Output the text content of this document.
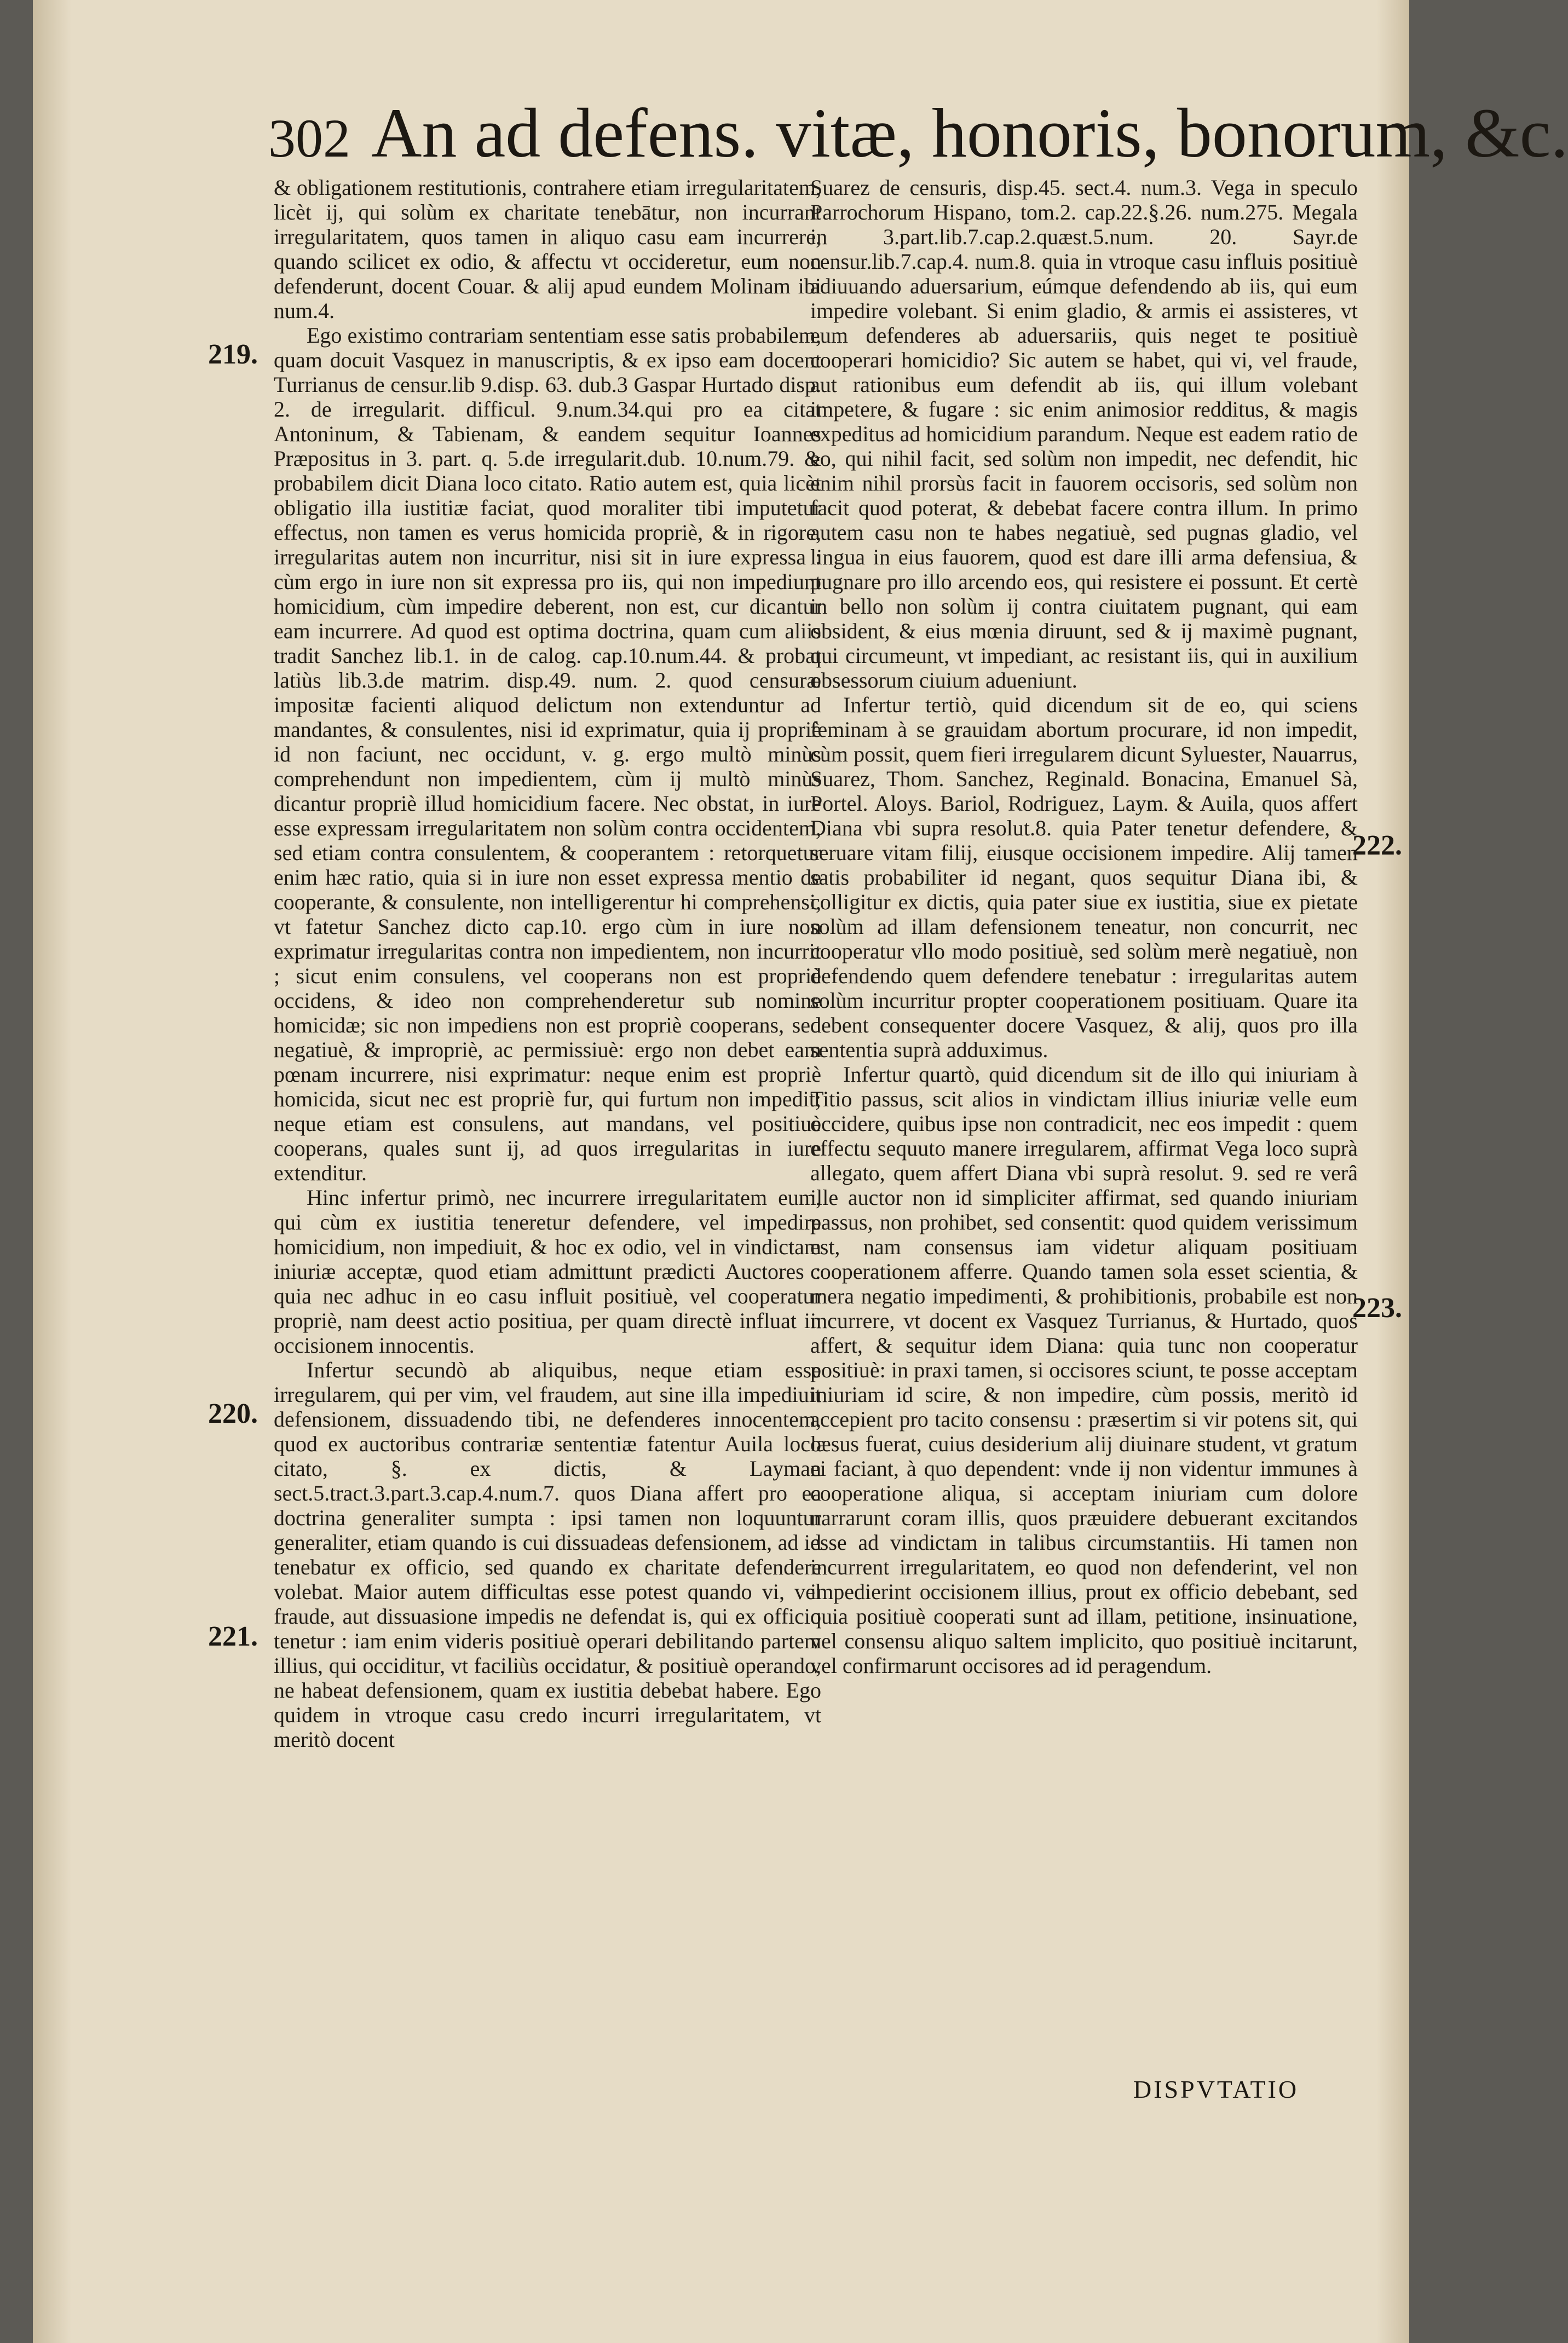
302 An ad defens. vitæ, honoris, bonorum, &c.
219.
220.
221.
222.
223.

& obligationem restitutionis, contrahere etiam irregularitatem, licèt ij, qui solùm ex charitate tenebātur, non incurrant irregularitatem, quos tamen in aliquo casu eam incurrere, quando scilicet ex odio, & affectu vt occideretur, eum non defenderunt, docent Couar. & alij apud eundem Molinam ibi num.4.

Ego existimo contrariam sententiam esse satis probabilem, quam docuit Vasquez in manuscriptis, & ex ipso eam docent Turrianus de censur.lib 9.disp. 63. dub.3 Gaspar Hurtado disp. 2. de irregularit. difficul. 9.num.34.qui pro ea citat Antoninum, & Tabienam, & eandem sequitur Ioannes Præpositus in 3. part. q. 5.de irregularit.dub. 10.num.79. & probabilem dicit Diana loco citato. Ratio autem est, quia licèt obligatio illa iustitiæ faciat, quod moraliter tibi imputetur effectus, non tamen es verus homicida propriè, & in rigore, irregularitas autem non incurritur, nisi sit in iure expressa : cùm ergo in iure non sit expressa pro iis, qui non impediunt homicidium, cùm impedire deberent, non est, cur dicantur eam incurrere. Ad quod est optima doctrina, quam cum aliis tradit Sanchez lib.1. in de calog. cap.10.num.44. & probat latiùs lib.3.de matrim. disp.49. num. 2. quod censuræ impositæ facienti aliquod delictum non extenduntur ad mandantes, & consulentes, nisi id exprimatur, quia ij propriè id non faciunt, nec occidunt, v. g. ergo multò minùs comprehendunt non impedientem, cùm ij multò minùs dicantur propriè illud homicidium facere. Nec obstat, in iure esse expressam irregularitatem non solùm contra occidentem, sed etiam contra consulentem, & cooperantem : retorquetur enim hæc ratio, quia si in iure non esset expressa mentio de cooperante, & consulente, non intelligerentur hi comprehensi, vt fatetur Sanchez dicto cap.10. ergo cùm in iure non exprimatur irregularitas contra non impedientem, non incurrit ; sicut enim consulens, vel cooperans non est propriè occidens, & ideo non comprehenderetur sub nomine homicidæ; sic non impediens non est propriè cooperans, sed negatiuè, & impropriè, ac permissiuè: ergo non debet eam pœnam incurrere, nisi exprimatur: neque enim est propriè homicida, sicut nec est propriè fur, qui furtum non impedit; neque etiam est consulens, aut mandans, vel positiuè cooperans, quales sunt ij, ad quos irregularitas in iure extenditur.

Hinc infertur primò, nec incurrere irregularitatem eum, qui cùm ex iustitia teneretur defendere, vel impedire homicidium, non impediuit, & hoc ex odio, vel in vindictam iniuriæ acceptæ, quod etiam admittunt prædicti Auctores : quia nec adhuc in eo casu influit positiuè, vel cooperatur propriè, nam deest actio positiua, per quam directè influat in occisionem innocentis.

Infertur secundò ab aliquibus, neque etiam esse irregularem, qui per vim, vel fraudem, aut sine illa impediuit defensionem, dissuadendo tibi, ne defenderes innocentem, quod ex auctoribus contrariæ sententiæ fatentur Auila loco citato, §. ex dictis, & Layman sect.5.tract.3.part.3.cap.4.num.7. quos Diana affert pro ea doctrina generaliter sumpta : ipsi tamen non loquuntur generaliter, etiam quando is cui dissuadeas defensionem, ad id tenebatur ex officio, sed quando ex charitate defendere volebat. Maior autem difficultas esse potest quando vi, vel fraude, aut dissuasione impedis ne defendat is, qui ex officio tenetur : iam enim videris positiuè operari debilitando partem illius, qui occiditur, vt faciliùs occidatur, & positiuè operando, ne habeat defensionem, quam ex iustitia debebat habere. Ego quidem in vtroque casu credo incurri irregularitatem, vt meritò docent

Suarez de censuris, disp.45. sect.4. num.3. Vega in speculo Parrochorum Hispano, tom.2. cap.22.§.26. num.275. Megala in 3.part.lib.7.cap.2.quæst.5.num. 20. Sayr.de censur.lib.7.cap.4. num.8. quia in vtroque casu influis positiuè adiuuando aduersarium, eúmque defendendo ab iis, qui eum impedire volebant. Si enim gladio, & armis ei assisteres, vt eum defenderes ab aduersariis, quis neget te positiuè cooperari homicidio? Sic autem se habet, qui vi, vel fraude, aut rationibus eum defendit ab iis, qui illum volebant impetere, & fugare : sic enim animosior redditus, & magis expeditus ad homicidium parandum. Neque est eadem ratio de eo, qui nihil facit, sed solùm non impedit, nec defendit, hic enim nihil prorsùs facit in fauorem occisoris, sed solùm non facit quod poterat, & debebat facere contra illum. In primo autem casu non te habes negatiuè, sed pugnas gladio, vel lingua in eius fauorem, quod est dare illi arma defensiua, & pugnare pro illo arcendo eos, qui resistere ei possunt. Et certè in bello non solùm ij contra ciuitatem pugnant, qui eam obsident, & eius mœnia diruunt, sed & ij maximè pugnant, qui circumeunt, vt impediant, ac resistant iis, qui in auxilium obsessorum ciuium adueniunt.

Infertur tertiò, quid dicendum sit de eo, qui sciens feminam à se grauidam abortum procurare, id non impedit, cùm possit, quem fieri irregularem dicunt Syluester, Nauarrus, Suarez, Thom. Sanchez, Reginald. Bonacina, Emanuel Sà, Portel. Aloys. Bariol, Rodriguez, Laym. & Auila, quos affert Diana vbi supra resolut.8. quia Pater tenetur defendere, & seruare vitam filij, eiusque occisionem impedire. Alij tamen satis probabiliter id negant, quos sequitur Diana ibi, & colligitur ex dictis, quia pater siue ex iustitia, siue ex pietate solùm ad illam defensionem teneatur, non concurrit, nec cooperatur vllo modo positiuè, sed solùm merè negatiuè, non defendendo quem defendere tenebatur : irregularitas autem solùm incurritur propter cooperationem positiuam. Quare ita debent consequenter docere Vasquez, & alij, quos pro illa sententia suprà adduximus.

Infertur quartò, quid dicendum sit de illo qui iniuriam à Titio passus, scit alios in vindictam illius iniuriæ velle eum occidere, quibus ipse non contradicit, nec eos impedit : quem effectu sequuto manere irregularem, affirmat Vega loco suprà allegato, quem affert Diana vbi suprà resolut. 9. sed re verâ ille auctor non id simpliciter affirmat, sed quando iniuriam passus, non prohibet, sed consentit: quod quidem verissimum est, nam consensus iam videtur aliquam positiuam cooperationem afferre. Quando tamen sola esset scientia, & mera negatio impedimenti, & prohibitionis, probabile est non incurrere, vt docent ex Vasquez Turrianus, & Hurtado, quos affert, & sequitur idem Diana: quia tunc non cooperatur positiuè: in praxi tamen, si occisores sciunt, te posse acceptam iniuriam id scire, & non impedire, cùm possis, meritò id accepient pro tacito consensu : præsertim si vir potens sit, qui læsus fuerat, cuius desiderium alij diuinare student, vt gratum ei faciant, à quo dependent: vnde ij non videntur immunes à cooperatione aliqua, si acceptam iniuriam cum dolore narrarunt coram illis, quos præuidere debuerant excitandos esse ad vindictam in talibus circumstantiis. Hi tamen non incurrent irregularitatem, eo quod non defenderint, vel non impedierint occisionem illius, prout ex officio debebant, sed quia positiuè cooperati sunt ad illam, petitione, insinuatione, vel consensu aliquo saltem implicito, quo positiuè incitarunt, vel confirmarunt occisores ad id peragendum.

DISPVTATIO
